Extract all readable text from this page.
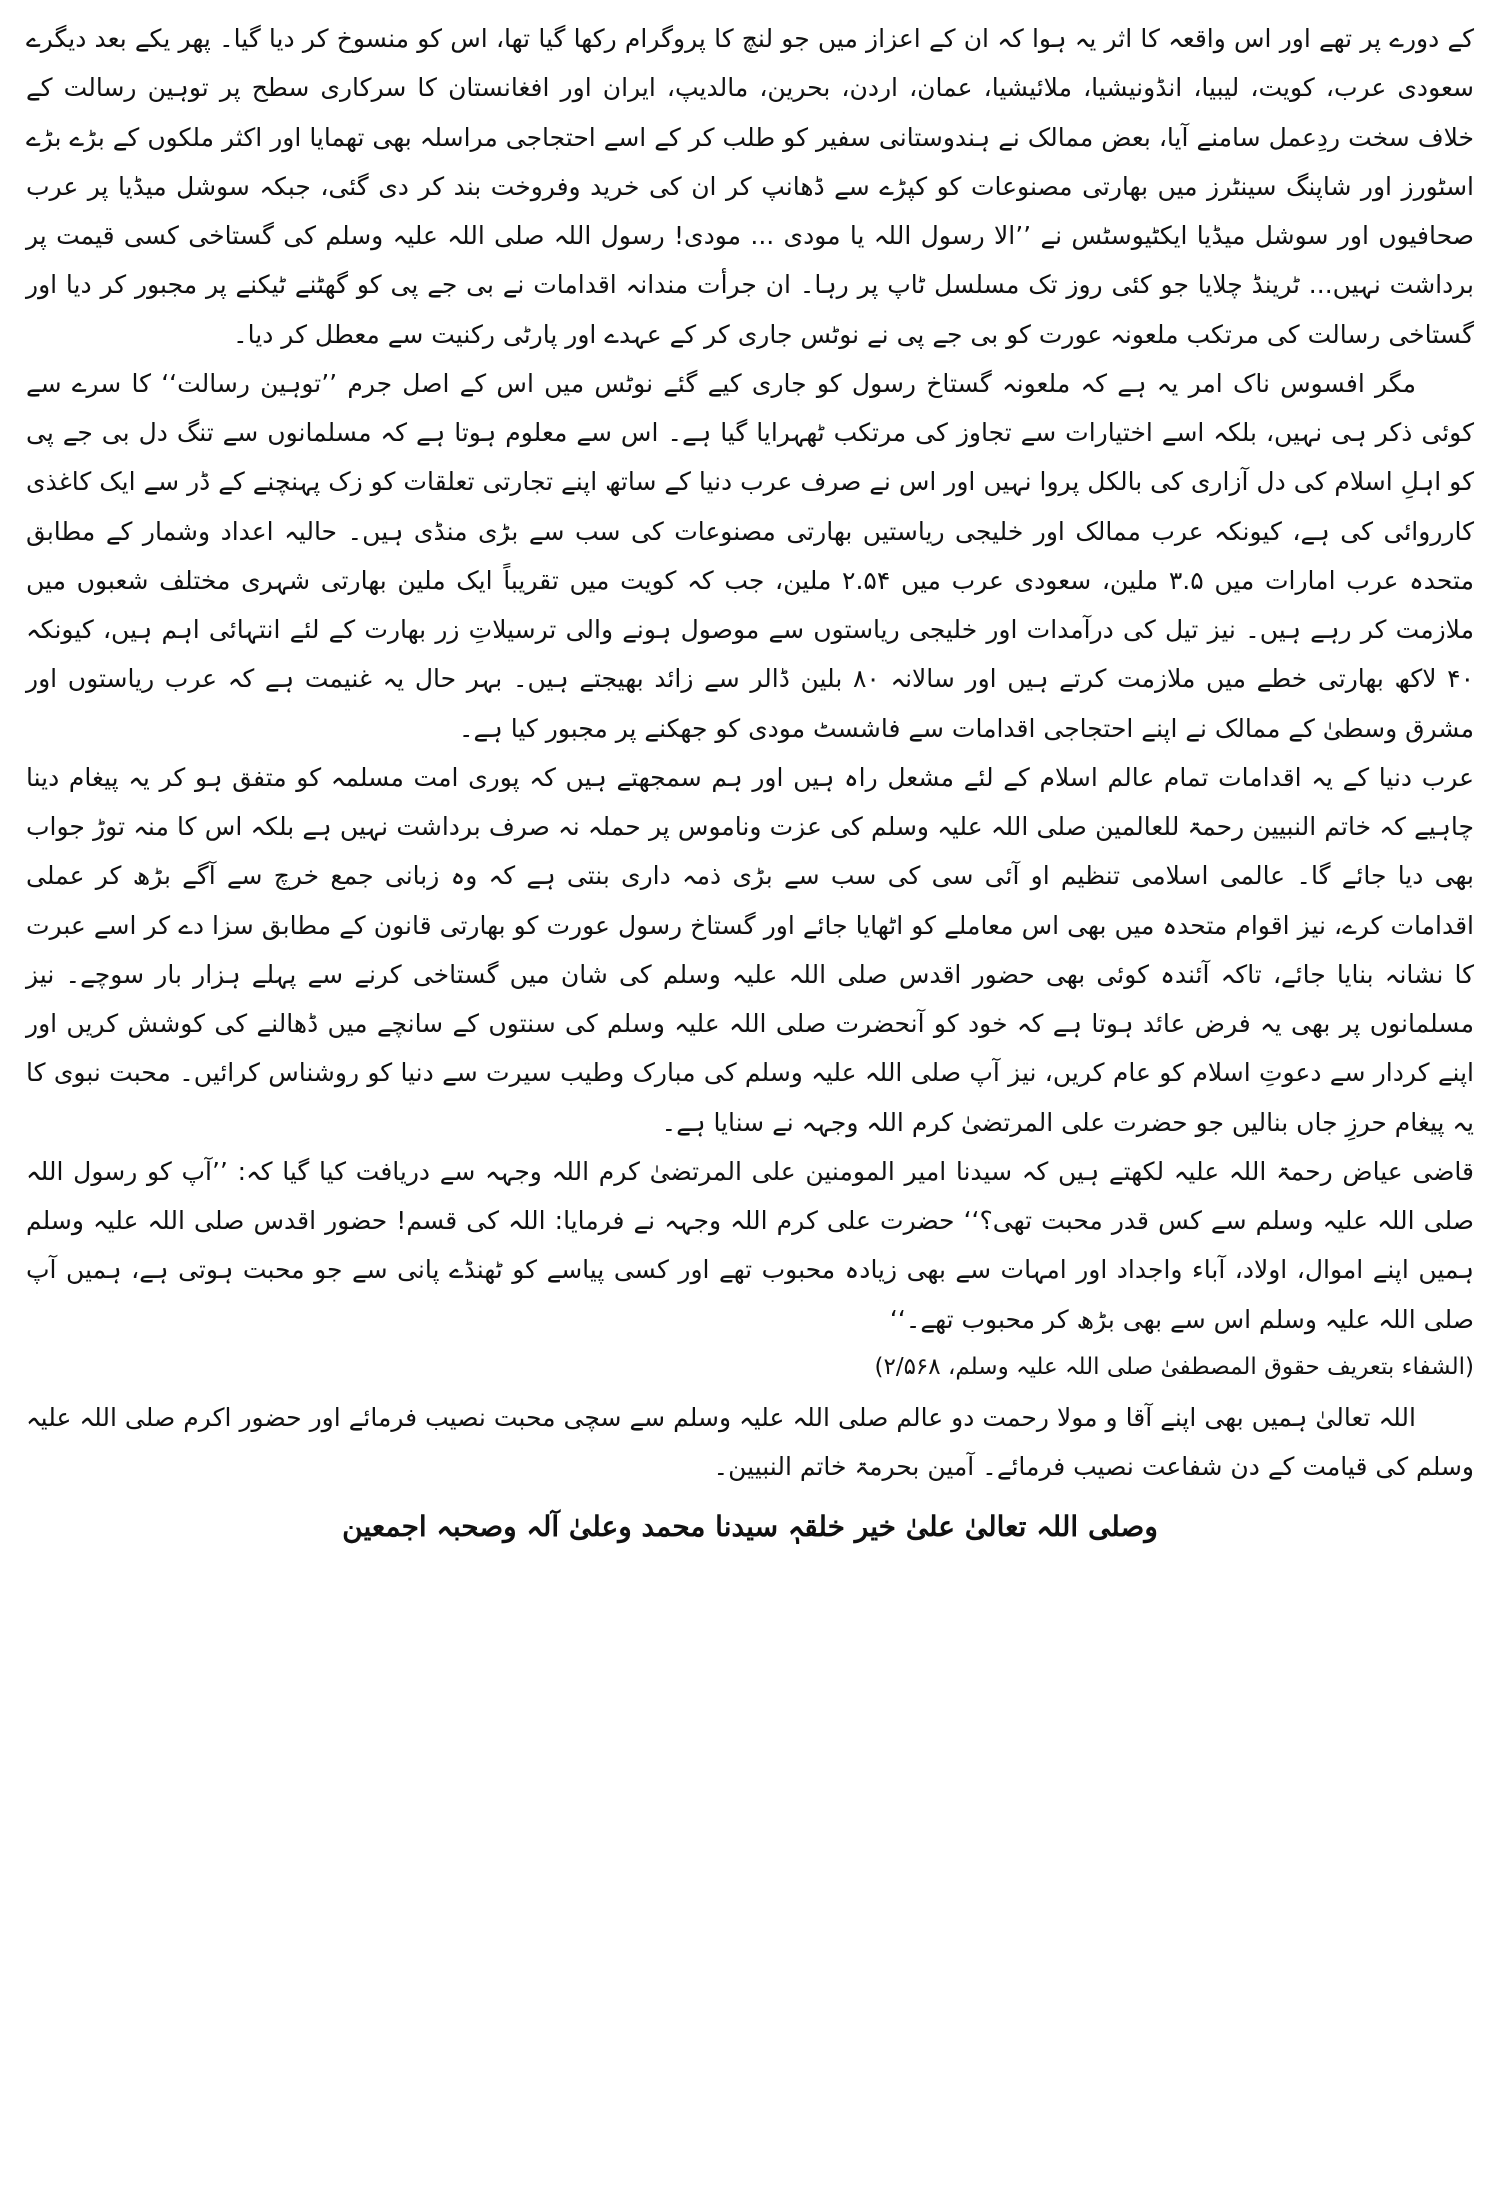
کے دورے پر تھے اور اس واقعہ کا اثر یہ ہوا کہ ان کے اعزاز میں جو لنچ کا پروگرام رکھا گیا تھا، اس کو منسوخ کر دیا گیا۔ پھر یکے بعد دیگرے سعودی عرب، کویت، لیبیا، انڈونیشیا، ملائیشیا، عمان، اردن، بحرین، مالدیپ، ایران اور افغانستان کا سرکاری سطح پر توہین رسالت کے خلاف سخت ردِعمل سامنے آیا، بعض ممالک نے ہندوستانی سفیر کو طلب کر کے اسے احتجاجی مراسلہ بھی تھمایا اور اکثر ملکوں کے بڑے بڑے اسٹورز اور شاپنگ سینٹرز میں بھارتی مصنوعات کو کپڑے سے ڈھانپ کر ان کی خرید وفروخت بند کر دی گئی، جبکہ سوشل میڈیا پر عرب صحافیوں اور سوشل میڈیا ایکٹیوسٹس نے ’’الا رسول اللہ یا مودی ... مودی! رسول اللہ صلی اللہ علیہ وسلم کی گستاخی کسی قیمت پر برداشت نہیں... ٹرینڈ چلایا جو کئی روز تک مسلسل ٹاپ پر رہا۔ ان جرأت مندانہ اقدامات نے بی جے پی کو گھٹنے ٹیکنے پر مجبور کر دیا اور گستاخی رسالت کی مرتکب ملعونہ عورت کو بی جے پی نے نوٹس جاری کر کے عہدے اور پارٹی رکنیت سے معطل کر دیا۔

مگر افسوس ناک امر یہ ہے کہ ملعونہ گستاخ رسول کو جاری کیے گئے نوٹس میں اس کے اصل جرم ’’توہین رسالت‘‘ کا سرے سے کوئی ذکر ہی نہیں، بلکہ اسے اختیارات سے تجاوز کی مرتکب ٹھہرایا گیا ہے۔ اس سے معلوم ہوتا ہے کہ مسلمانوں سے تنگ دل بی جے پی کو اہلِ اسلام کی دل آزاری کی بالکل پروا نہیں اور اس نے صرف عرب دنیا کے ساتھ اپنے تجارتی تعلقات کو زک پہنچنے کے ڈر سے ایک کاغذی کارروائی کی ہے، کیونکہ عرب ممالک اور خلیجی ریاستیں بھارتی مصنوعات کی سب سے بڑی منڈی ہیں۔ حالیہ اعداد وشمار کے مطابق متحدہ عرب امارات میں ۳.۵ ملین، سعودی عرب میں ۲.۵۴ ملین، جب کہ کویت میں تقریباً ایک ملین بھارتی شہری مختلف شعبوں میں ملازمت کر رہے ہیں۔ نیز تیل کی درآمدات اور خلیجی ریاستوں سے موصول ہونے والی ترسیلاتِ زر بھارت کے لئے انتہائی اہم ہیں، کیونکہ ۴۰ لاکھ بھارتی خطے میں ملازمت کرتے ہیں اور سالانہ ۸۰ بلین ڈالر سے زائد بھیجتے ہیں۔ بہر حال یہ غنیمت ہے کہ عرب ریاستوں اور مشرق وسطیٰ کے ممالک نے اپنے احتجاجی اقدامات سے فاشسٹ مودی کو جھکنے پر مجبور کیا ہے۔

عرب دنیا کے یہ اقدامات تمام عالم اسلام کے لئے مشعل راہ ہیں اور ہم سمجھتے ہیں کہ پوری امت مسلمہ کو متفق ہو کر یہ پیغام دینا چاہیے کہ خاتم النبیین رحمۃ للعالمین صلی اللہ علیہ وسلم کی عزت وناموس پر حملہ نہ صرف برداشت نہیں ہے بلکہ اس کا منہ توڑ جواب بھی دیا جائے گا۔ عالمی اسلامی تنظیم او آئی سی کی سب سے بڑی ذمہ داری بنتی ہے کہ وہ زبانی جمع خرچ سے آگے بڑھ کر عملی اقدامات کرے، نیز اقوام متحدہ میں بھی اس معاملے کو اٹھایا جائے اور گستاخ رسول عورت کو بھارتی قانون کے مطابق سزا دے کر اسے عبرت کا نشانہ بنایا جائے، تاکہ آئندہ کوئی بھی حضور اقدس صلی اللہ علیہ وسلم کی شان میں گستاخی کرنے سے پہلے ہزار بار سوچے۔ نیز مسلمانوں پر بھی یہ فرض عائد ہوتا ہے کہ خود کو آنحضرت صلی اللہ علیہ وسلم کی سنتوں کے سانچے میں ڈھالنے کی کوشش کریں اور اپنے کردار سے دعوتِ اسلام کو عام کریں، نیز آپ صلی اللہ علیہ وسلم کی مبارک وطیب سیرت سے دنیا کو روشناس کرائیں۔ محبت نبوی کا یہ پیغام حرزِ جاں بنالیں جو حضرت علی المرتضیٰ کرم اللہ وجہہ نے سنایا ہے۔

قاضی عیاض رحمۃ اللہ علیہ لکھتے ہیں کہ سیدنا امیر المومنین علی المرتضیٰ کرم اللہ وجہہ سے دریافت کیا گیا کہ: ’’آپ کو رسول اللہ صلی اللہ علیہ وسلم سے کس قدر محبت تھی؟‘‘ حضرت علی کرم اللہ وجہہ نے فرمایا: اللہ کی قسم! حضور اقدس صلی اللہ علیہ وسلم ہمیں اپنے اموال، اولاد، آباء واجداد اور امہات سے بھی زیادہ محبوب تھے اور کسی پیاسے کو ٹھنڈے پانی سے جو محبت ہوتی ہے، ہمیں آپ صلی اللہ علیہ وسلم اس سے بھی بڑھ کر محبوب تھے۔‘‘

(الشفاء بتعریف حقوق المصطفیٰ صلی اللہ علیہ وسلم، ۲/۵۶۸)

اللہ تعالیٰ ہمیں بھی اپنے آقا و مولا رحمت دو عالم صلی اللہ علیہ وسلم سے سچی محبت نصیب فرمائے اور حضور اکرم صلی اللہ علیہ وسلم کی قیامت کے دن شفاعت نصیب فرمائے۔ آمین بحرمۃ خاتم النبیین۔

وصلی اللہ تعالیٰ علیٰ خیر خلقہٖ سیدنا محمد وعلیٰ آلہ وصحبہ اجمعین
